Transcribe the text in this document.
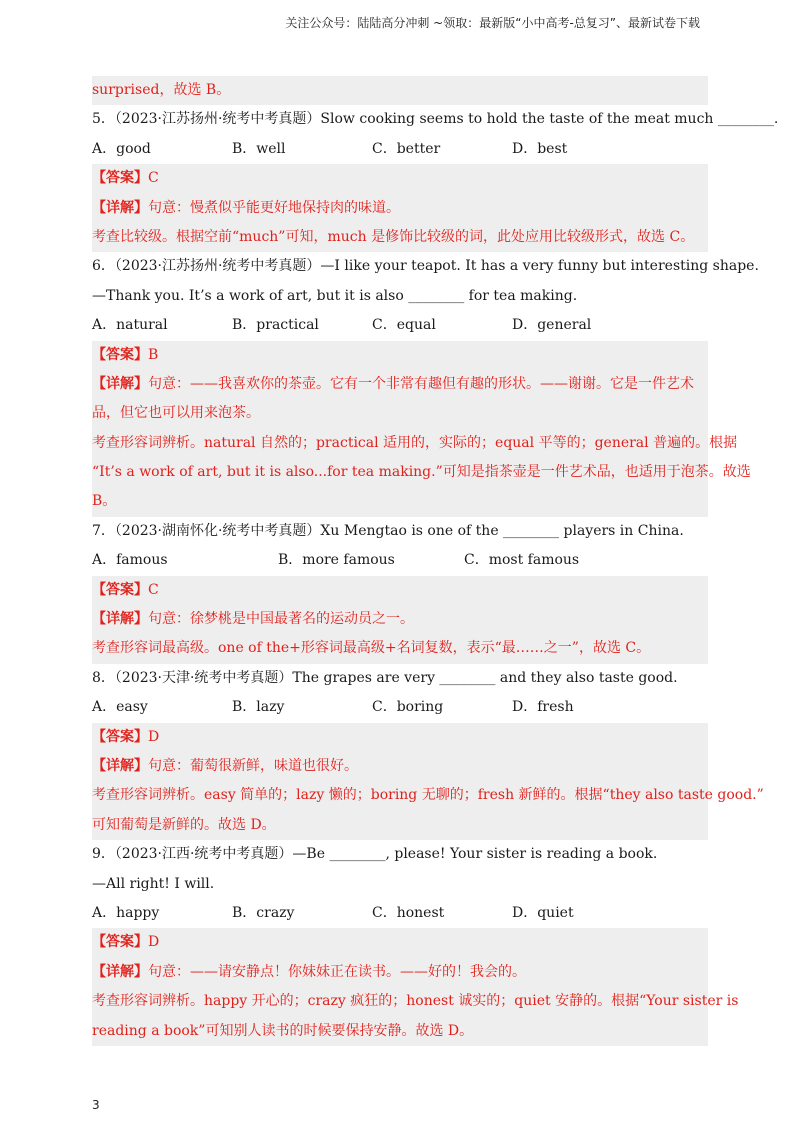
关注公众号：陆陆高分冲刺 ~领取：最新版“小中高考-总复习”、最新试卷下载
surprised，故选 B。
5．（2023·江苏扬州·统考中考真题）Slow cooking seems to hold the taste of the meat much ________.
A．good	B．well	C．better	D．best
【答案】C
【详解】句意：慢煮似乎能更好地保持肉的味道。
考查比较级。根据空前“much”可知，much 是修饰比较级的词，此处应用比较级形式，故选 C。
6．（2023·江苏扬州·统考中考真题）—I like your teapot. It has a very funny but interesting shape.
—Thank you. It’s a work of art, but it is also ________ for tea making.
A．natural	B．practical	C．equal	D．general
【答案】B
【详解】句意：——我喜欢你的茶壶。它有一个非常有趣但有趣的形状。——谢谢。它是一件艺术
品，但它也可以用来泡茶。
考查形容词辨析。natural 自然的；practical 适用的，实际的；equal 平等的；general 普遍的。根据
“It’s a work of art, but it is also...for tea making.”可知是指茶壶是一件艺术品，也适用于泡茶。故选
B。
7．（2023·湖南怀化·统考中考真题）Xu Mengtao is one of the ________ players in China.
A．famous	B．more famous	C．most famous
【答案】C
【详解】句意：徐梦桃是中国最著名的运动员之一。
考查形容词最高级。one of the+形容词最高级+名词复数，表示“最……之一”，故选 C。
8．（2023·天津·统考中考真题）The grapes are very ________ and they also taste good.
A．easy	B．lazy	C．boring	D．fresh
【答案】D
【详解】句意：葡萄很新鲜，味道也很好。
考查形容词辨析。easy 简单的；lazy 懒的；boring 无聊的；fresh 新鲜的。根据“they also taste good.”
可知葡萄是新鲜的。故选 D。
9．（2023·江西·统考中考真题）—Be ________, please! Your sister is reading a book.
—All right! I will.
A．happy	B．crazy	C．honest	D．quiet
【答案】D
【详解】句意：——请安静点！你妹妹正在读书。——好的！我会的。
考查形容词辨析。happy 开心的；crazy 疯狂的；honest 诚实的；quiet 安静的。根据“Your sister is
reading a book”可知别人读书的时候要保持安静。故选 D。
3
